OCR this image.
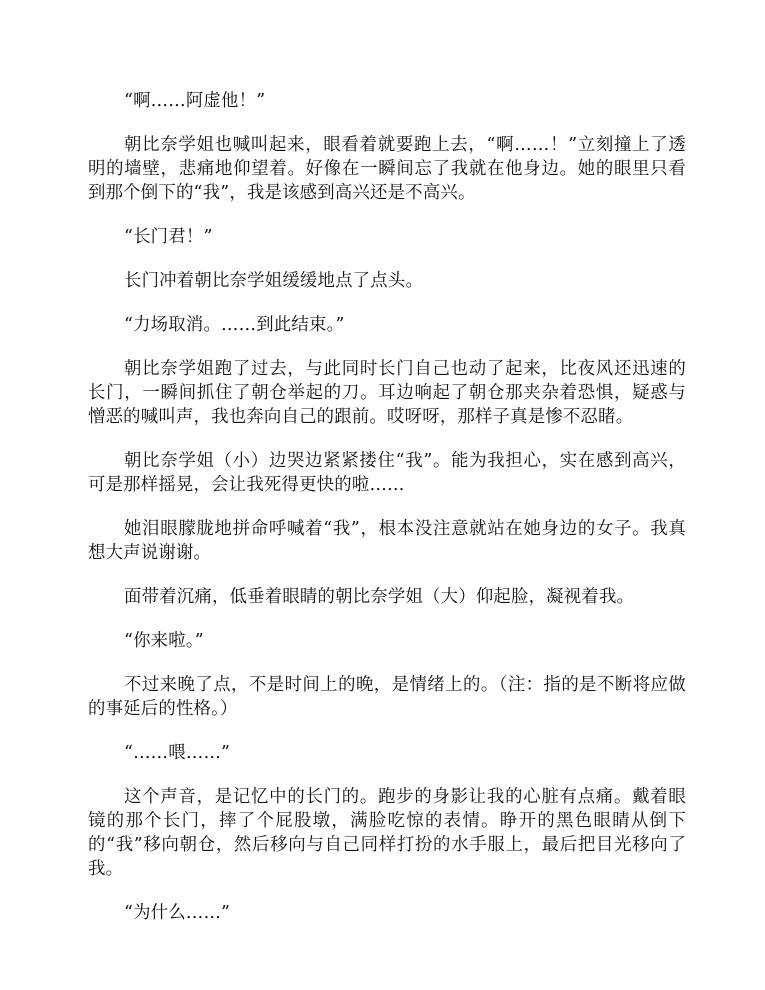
“啊……阿虚他！”

朝比奈学姐也喊叫起来，眼看着就要跑上去，“啊……！”立刻撞上了透明的墙壁，悲痛地仰望着。好像在一瞬间忘了我就在他身边。她的眼里只看到那个倒下的“我”，我是该感到高兴还是不高兴。

“长门君！”

长门冲着朝比奈学姐缓缓地点了点头。

“力场取消。……到此结束。”

朝比奈学姐跑了过去，与此同时长门自己也动了起来，比夜风还迅速的长门，一瞬间抓住了朝仓举起的刀。耳边响起了朝仓那夹杂着恐惧，疑惑与憎恶的喊叫声，我也奔向自己的跟前。哎呀呀，那样子真是惨不忍睹。

朝比奈学姐（小）边哭边紧紧搂住“我”。能为我担心，实在感到高兴，可是那样摇晃，会让我死得更快的啦……

她泪眼朦胧地拼命呼喊着“我”，根本没注意就站在她身边的女子。我真想大声说谢谢。

面带着沉痛，低垂着眼睛的朝比奈学姐（大）仰起脸，凝视着我。

“你来啦。”

不过来晚了点，不是时间上的晚，是情绪上的。（注：指的是不断将应做的事延后的性格。）

“……喂……”

这个声音，是记忆中的长门的。跑步的身影让我的心脏有点痛。戴着眼镜的那个长门，摔了个屁股墩，满脸吃惊的表情。睁开的黑色眼睛从倒下的“我”移向朝仓，然后移向与自己同样打扮的水手服上，最后把目光移向了我。

“为什么……”
